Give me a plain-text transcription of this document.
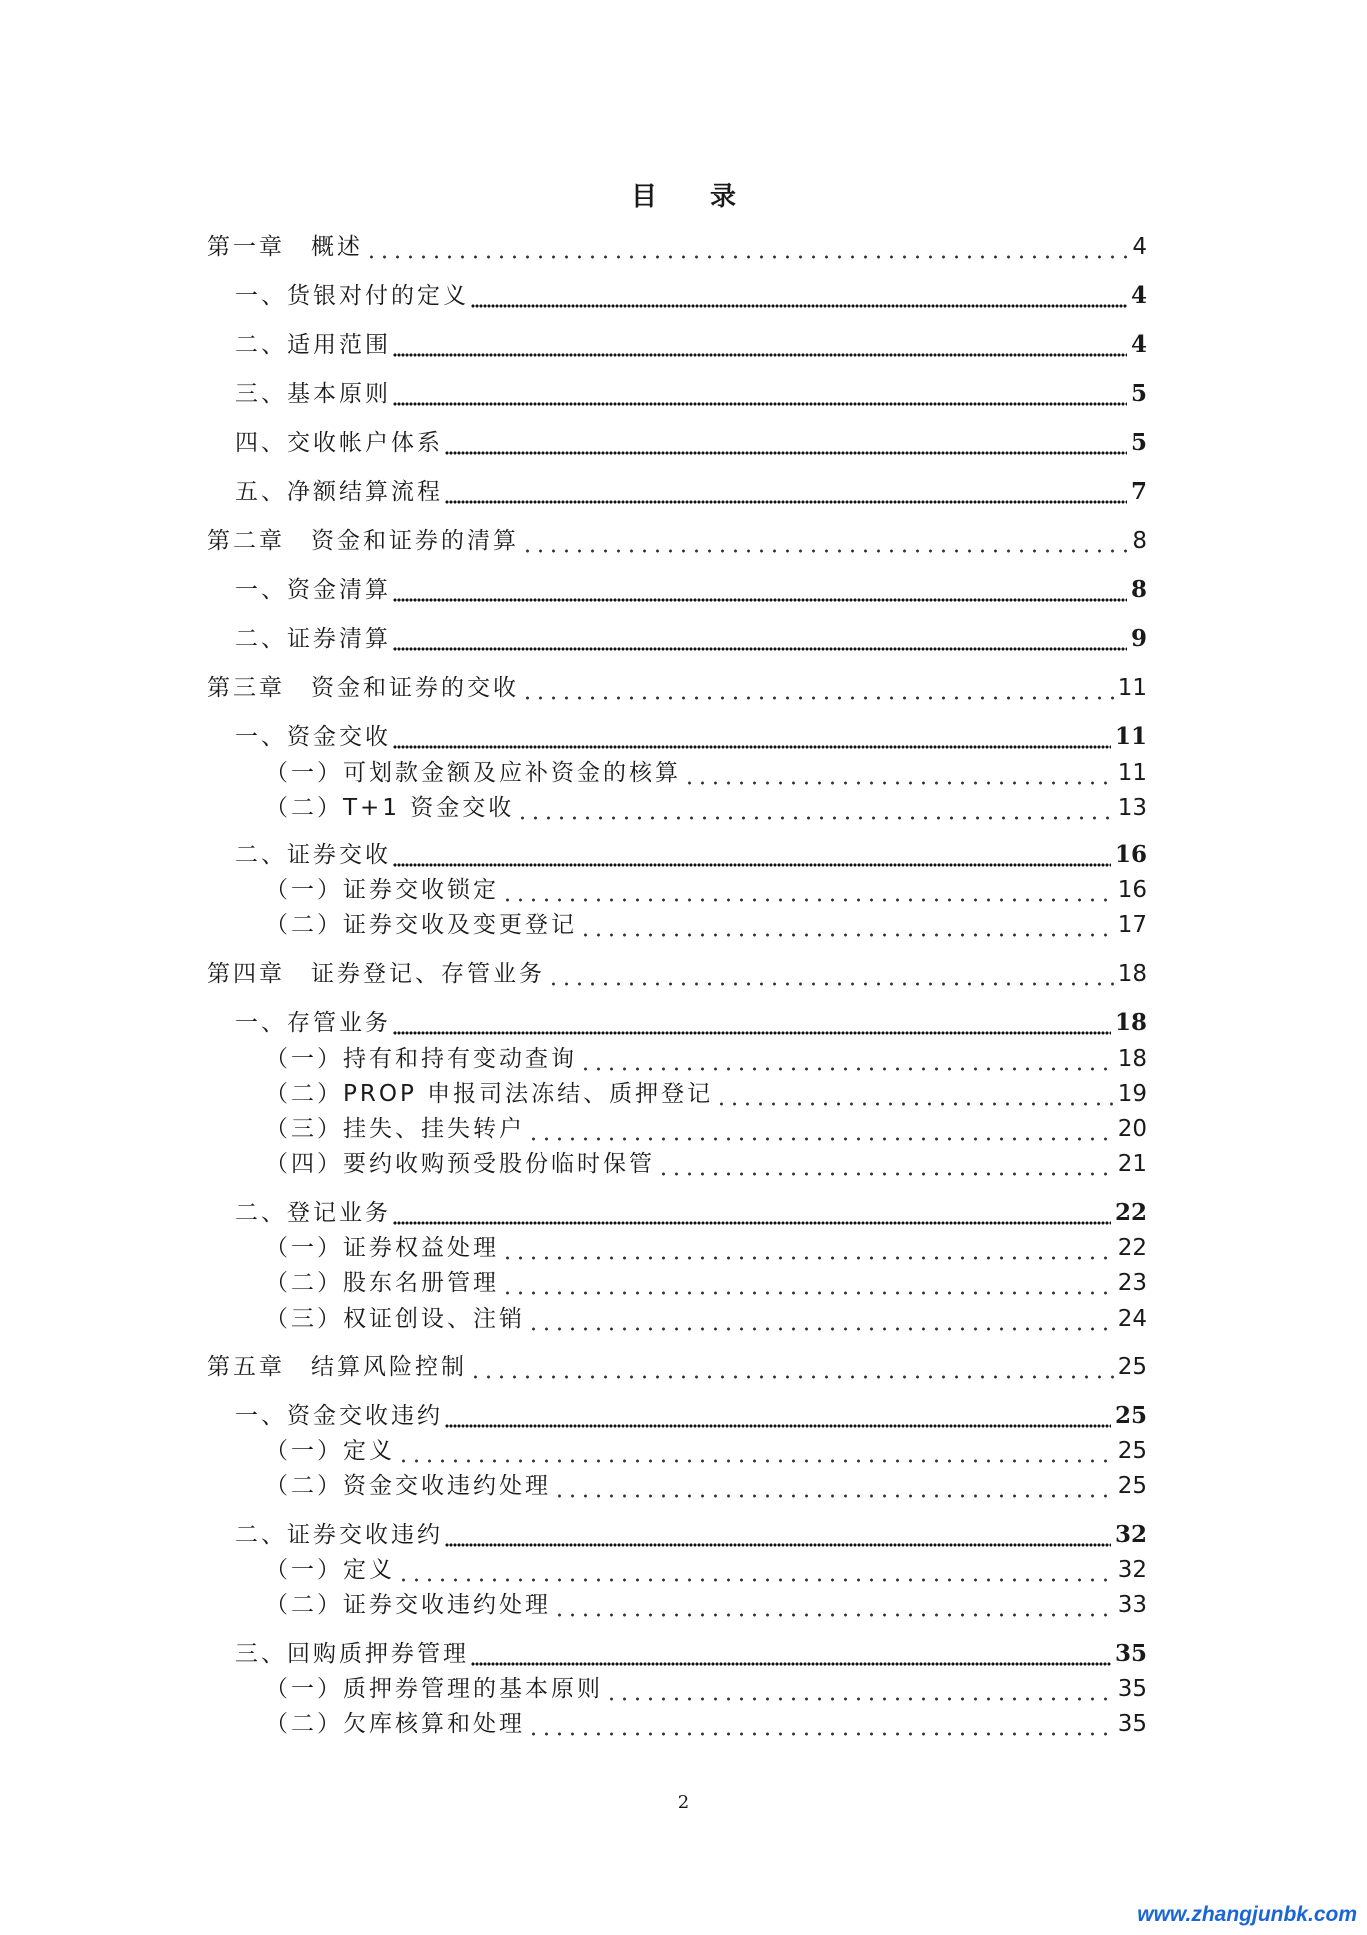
目 录
第一章　概述	4
一、货银对付的定义	4
二、适用范围	4
三、基本原则	5
四、交收帐户体系	5
五、净额结算流程	7
第二章　资金和证券的清算	8
一、资金清算	8
二、证券清算	9
第三章　资金和证券的交收	11
一、资金交收	11
（一）可划款金额及应补资金的核算	11
（二）T+1 资金交收	13
二、证券交收	16
（一）证券交收锁定	16
（二）证券交收及变更登记	17
第四章　证券登记、存管业务	18
一、存管业务	18
（一）持有和持有变动查询	18
（二）PROP 申报司法冻结、质押登记	19
（三）挂失、挂失转户	20
（四）要约收购预受股份临时保管	21
二、登记业务	22
（一）证券权益处理	22
（二）股东名册管理	23
（三）权证创设、注销	24
第五章　结算风险控制	25
一、资金交收违约	25
（一）定义	25
（二）资金交收违约处理	25
二、证券交收违约	32
（一）定义	32
（二）证券交收违约处理	33
三、回购质押券管理	35
（一）质押券管理的基本原则	35
（二）欠库核算和处理	35
2
www.zhangjunbk.com
